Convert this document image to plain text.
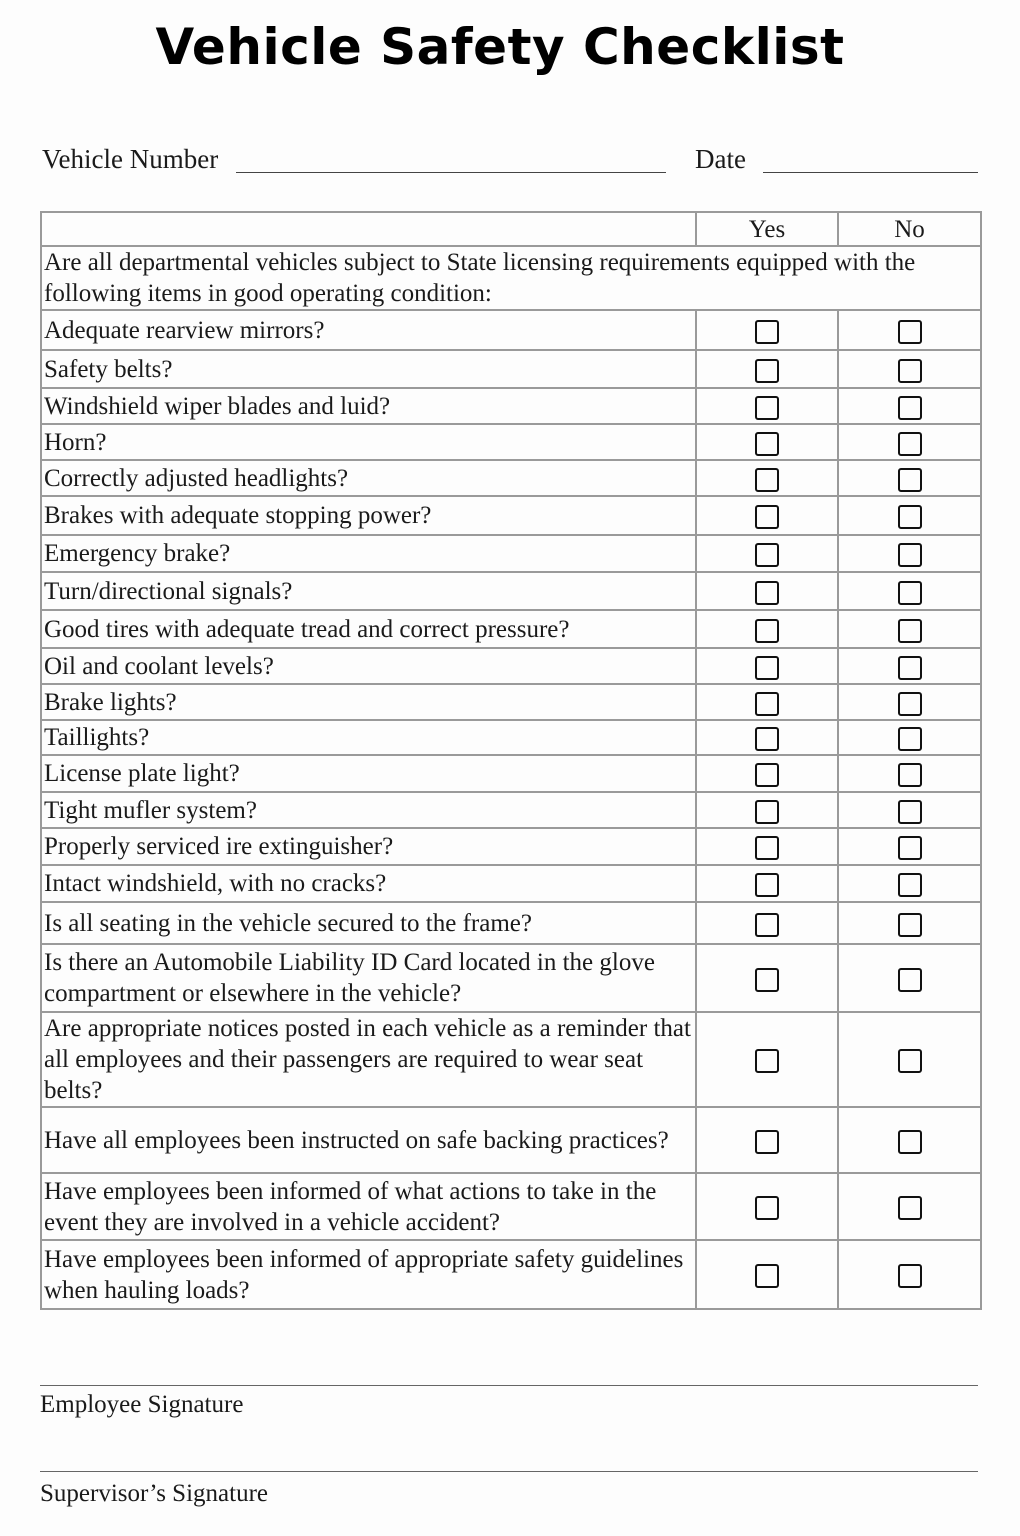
Vehicle Safety Checklist
Vehicle Number	Date
	Yes	No
Are all departmental vehicles subject to State licensing requirements equipped with the following items in good operating condition:		
Adequate rearview mirrors?		
Safety belts?		
Windshield wiper blades and luid?		
Horn?		
Correctly adjusted headlights?		
Brakes with adequate stopping power?		
Emergency brake?		
Turn/directional signals?		
Good tires with adequate tread and correct pressure?		
Oil and coolant levels?		
Brake lights?		
Taillights?		
License plate light?		
Tight mufler system?		
Properly serviced ire extinguisher?		
Intact windshield, with no cracks?		
Is all seating in the vehicle secured to the frame?		
Is there an Automobile Liability ID Card located in the glove compartment or elsewhere in the vehicle?		
Are appropriate notices posted in each vehicle as a reminder that all employees and their passengers are required to wear seat belts?		
Have all employees been instructed on safe backing practices?		
Have employees been informed of what actions to take in the event they are involved in a vehicle accident?		
Have employees been informed of appropriate safety guidelines when hauling loads?		
Employee Signature
Supervisor’s Signature
